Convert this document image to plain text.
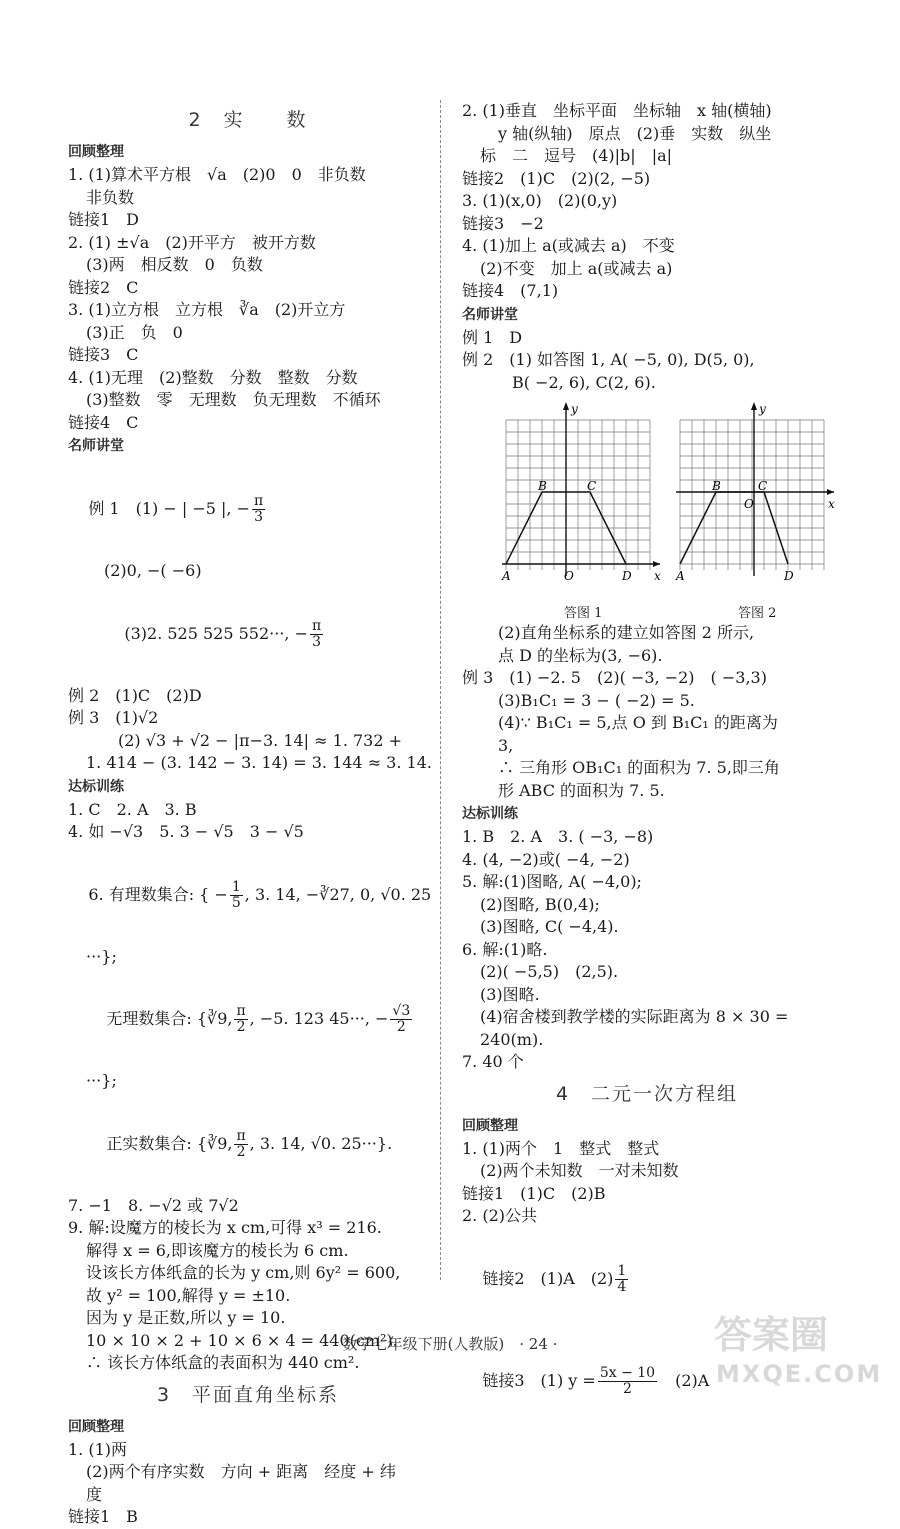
2　实　　数
回顾整理
1. (1)算术平方根　√a　(2)0　0　非负数
非负数
链接1　D
2. (1) ±√a　(2)开平方　被开方数
(3)两　相反数　0　负数
链接2　C
3. (1)立方根　立方根　∛a　(2)开立方
(3)正　负　0
链接3　C
4. (1)无理　(2)整数　分数　整数　分数
(3)整数　零　无理数　负无理数　不循环
链接4　C
名师讲堂

例 1　(1) − | −5 |, − $\frac{\pi}{3}$

(2)0, −( −6)

(3)2. 525 525 552···, − $\frac{\pi}{3}$

例 2　(1)C　(2)D
例 3　(1)√2
(2) √3 + √2 − |π−3. 14| ≈ 1. 732 +
1. 414 − (3. 142 − 3. 14) = 3. 144 ≈ 3. 14.
达标训练
1. C　2. A　3. B
4. 如 −√3　5. 3 − √5　3 − √5

6. 有理数集合: { − $\frac{1}{5}$ , 3. 14, −∛27, 0, √0. 25

···};

无理数集合: {∛9, $\frac{\pi}{2}$ , −5. 123 45···, − $\frac{√3}{2}$

···};

正实数集合: {∛9, $\frac{\pi}{2}$ , 3. 14, √0. 25···}.

7. −1　8. −√2 或 7√2
9. 解:设魔方的棱长为 x cm,可得 x³ = 216.
解得 x = 6,即该魔方的棱长为 6 cm.
设该长方体纸盒的长为 y cm,则 6y² = 600,
故 y² = 100,解得 y = ±10.
因为 y 是正数,所以 y = 10.
10 × 10 × 2 + 10 × 6 × 4 = 440(cm²).
∴ 该长方体纸盒的表面积为 440 cm².
3　平面直角坐标系
回顾整理
1. (1)两
(2)两个有序实数　方向 + 距离　经度 + 纬
度
链接1　B
2. (1)垂直　坐标平面　坐标轴　x 轴(横轴)
y 轴(纵轴)　原点　(2)垂　实数　纵坐
标　二　逗号　(4)|b|　|a|
链接2　(1)C　(2)(2, −5)
3. (1)(x,0)　(2)(0,y)
链接3　−2
4. (1)加上 a(或减去 a)　不变
(2)不变　加上 a(或减去 a)
链接4　(7,1)
名师讲堂
例 1　D
例 2　(1) 如答图 1, A( −5, 0), D(5, 0),
B( −2, 6), C(2, 6).
y
x
A
B	C
D
O
y
x
A
B	C
D
O
答图 1	答图 2
(2)直角坐标系的建立如答图 2 所示,
点 D 的坐标为(3, −6).
例 3　(1) −2. 5　(2)( −3, −2)　( −3,3)
(3)B₁C₁ = 3 − ( −2) = 5.
(4)∵ B₁C₁ = 5,点 O 到 B₁C₁ 的距离为
3,
∴ 三角形 OB₁C₁ 的面积为 7. 5,即三角
形 ABC 的面积为 7. 5.
达标训练
1. B　2. A　3. ( −3, −8)
4. (4, −2)或( −4, −2)
5. 解:(1)图略, A( −4,0);
(2)图略, B(0,4);
(3)图略, C( −4,4).
6. 解:(1)略.
(2)( −5,5)　(2,5).
(3)图略.
(4)宿舍楼到教学楼的实际距离为 8 × 30 =
240(m).
7. 40 个
4　二元一次方程组
回顾整理
1. (1)两个　1　整式　整式
(2)两个未知数　一对未知数
链接1　(1)C　(2)B
2. (2)公共

链接2　(1)A　$(2) \frac{1}{4}$

链接3　(1) $y = \frac{5x - 10}{2}$
　 (2)A

数学七年级下册(人教版)　· 24 ·	答案圈
MXQE.COM
